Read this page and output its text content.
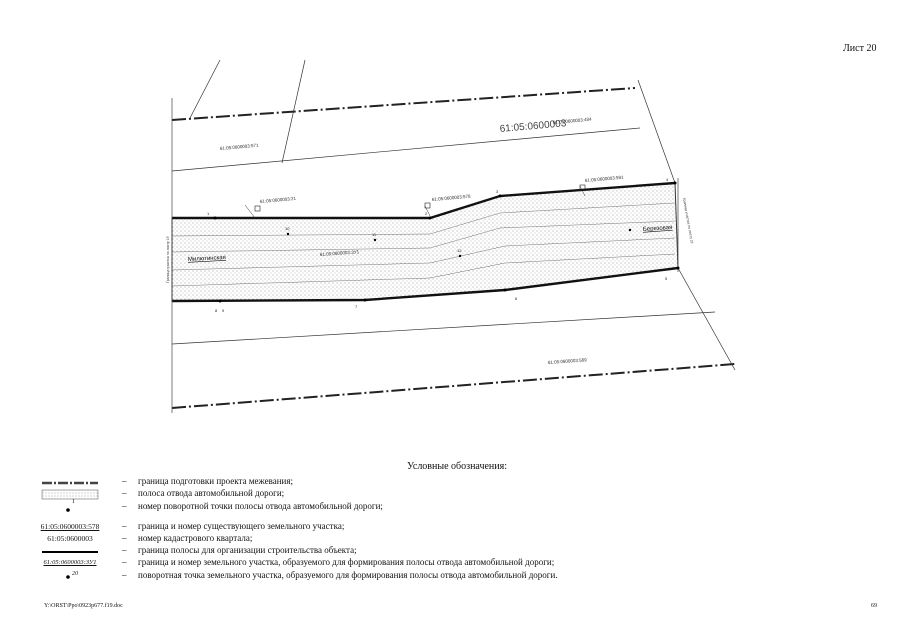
Лист 20
61:05:0600003
Милютинская
Березовая
61:05:0600003:484
61:05:0600003:571
61:05:0600003:21	61:05:0600003:578
61:05:0600003:ЗУ1
61:05:0600003:591
61:05:0600003:569
Граница участка по листу 19
Граница участка по листу 21
1	2
3
4
5
6
7
8 9
10
11
12
Условные обозначения:
– граница подготовки проекта межевания;
– полоса отвода автомобильной дороги;
1	– номер поворотной точки полосы отвода автомобильной дороги;
61:05:0600003:578	– граница и номер существующего земельного участка;
61:05:0600003	– номер кадастрового квартала;
– граница полосы для организации строительства объекта;
61:05:0600003:ЗУ1	– граница и номер земельного участка, образуемого для формирования полосы отвода автомобильной дороги;
20	– поворотная точка земельного участка, образуемого для формирования полосы отвода автомобильной дороги.
Y:\ORST\Ppo\0923p677.f19.doc	69
